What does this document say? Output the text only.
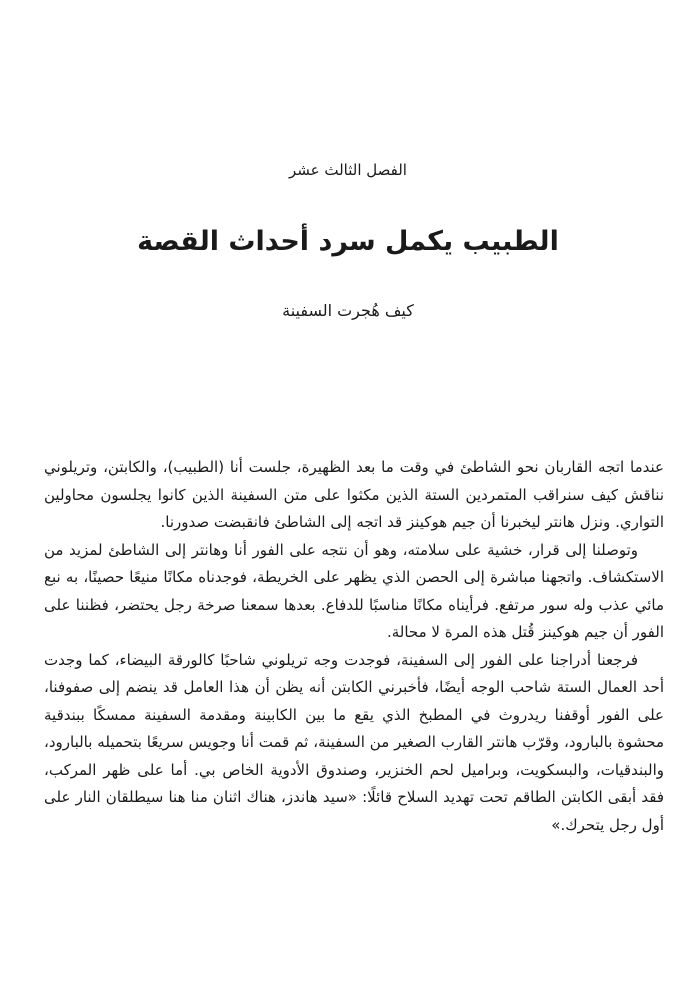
الفصل الثالث عشر
الطبيب يكمل سرد أحداث القصة
كيف هُجرت السفينة

عندما اتجه القاربان نحو الشاطئ في وقت ما بعد الظهيرة، جلست أنا (الطبيب)، والكابتن، وتريلوني نناقش كيف سنراقب المتمردين الستة الذين مكثوا على متن السفينة الذين كانوا يجلسون محاولين التواري. ونزل هانتر ليخبرنا أن جيم هوكينز قد اتجه إلى الشاطئ فانقبضت صدورنا.

وتوصلنا إلى قرار، خشية على سلامته، وهو أن نتجه على الفور أنا وهانتر إلى الشاطئ لمزيد من الاستكشاف. واتجهنا مباشرة إلى الحصن الذي يظهر على الخريطة، فوجدناه مكانًا منيعًا حصينًا، به نبع مائي عذب وله سور مرتفع. فرأيناه مكانًا مناسبًا للدفاع. بعدها سمعنا صرخة رجل يحتضر، فظننا على الفور أن جيم هوكينز قُتل هذه المرة لا محالة.

فرجعنا أدراجنا على الفور إلى السفينة، فوجدت وجه تريلوني شاحبًا كالورقة البيضاء، كما وجدت أحد العمال الستة شاحب الوجه أيضًا، فأخبرني الكابتن أنه يظن أن هذا العامل قد ينضم إلى صفوفنا، على الفور أوقفنا ريدروث في المطبخ الذي يقع ما بين الكابينة ومقدمة السفينة ممسكًا ببندقية محشوة بالبارود، وقرّب هانتر القارب الصغير من السفينة، ثم قمت أنا وجويس سريعًا بتحميله بالبارود، والبندقيات، والبسكويت، وبراميل لحم الخنزير، وصندوق الأدوية الخاص بي. أما على ظهر المركب، فقد أبقى الكابتن الطاقم تحت تهديد السلاح قائلًا: «سيد هاندز، هناك اثنان منا هنا سيطلقان النار على أول رجل يتحرك.»
